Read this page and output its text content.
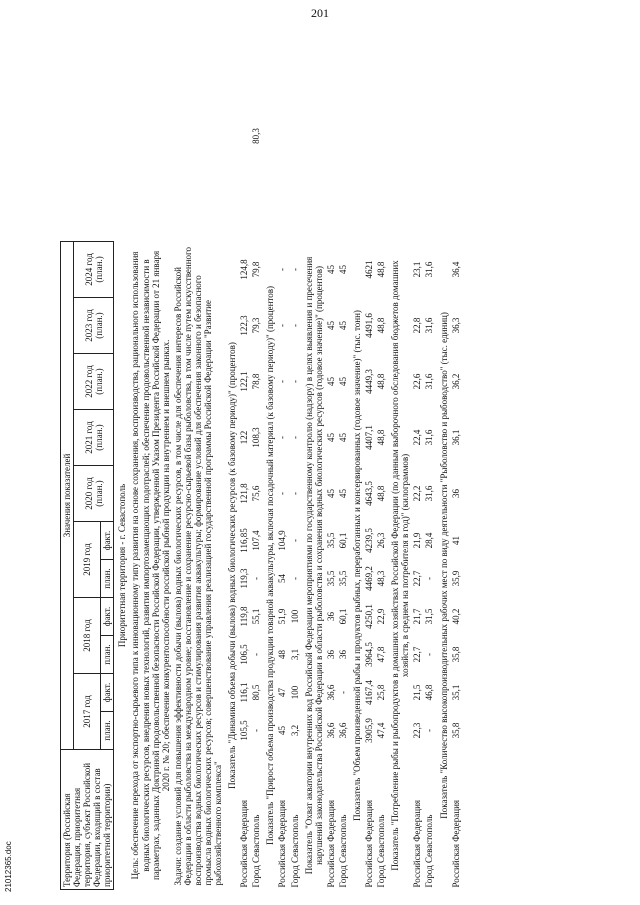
201
Территория (Российская Федерация, приоритетная территория, субъект Российской Федерации, входящий в состав приоритетной территории)	Значения показателей											
	2017 год		2018 год		2019 год		2020 год (план.)	2021 год (план.)	2022 год (план.)	2023 год (план.)	2024 год (план.)	
	план.	факт.	план.	факт.	план.	факт.						
Приоритетная территория - г. Севастополь												
Цель: обеспечение перехода от экспортно-сырьевого типа к инновационному типу развития на основе сохранения, воспроизводства, рационального использования водных биологических ресурсов, внедрения новых технологий, развития импортозамещающих подотраслей; обеспечение продовольственной независимости в параметрах, заданных Доктриной продовольственной безопасности Российской Федерации, утвержденной Указом Президента Российской Федерации от 21 января 2020 г. № 20; обеспечение конкурентоспособности российской рыбной продукции на внутреннем и внешнем рынках.												
Задачи: создание условий для повышения эффективности добычи (вылова) водных биологических ресурсов, в том числе для обеспечения интересов Российской Федерации в области рыболовства на международном уровне; восстановление и сохранение ресурсно-сырьевой базы рыболовства, в том числе путем искусственного воспроизводства водных биологических ресурсов и стимулирования развития аквакультуры; формирование условий для обеспечения законного и безопасного промысла водных биологических ресурсов; совершенствование управления реализацией государственной программы Российской Федерации "Развитие рыбохозяйственного комплекса"												
Показатель "Динамика объема добычи (вылова) водных биологических ресурсов (к базовому периоду)" (процентов)												
Российская Федерация	105,5	116,1	106,5	119,8	119,3	116,85	121,8	122	122,1	122,3	124,8	
Город Севастополь	-	80,5	-	55,1	-	107,4	75,6	108,3	78,8	79,3	79,8	80,3
Показатель "Прирост объема производства продукции товарной аквакультуры, включая посадочный материал (к базовому периоду)" (процентов)												
Российская Федерация	45	47	48	51,9	54	104,9	-	-	-	-	-	
Город Севастополь	3,2	100	3,1	100	-	-	-	-	-	-	-	
Показатель "Охват акватории внутренних вод Российской Федерации мероприятиями по государственному контролю (надзору) в целях выявления и пресечения нарушений законодательства Российской Федерации в области рыболовства и сохранения водных биологических ресурсов (годовое значение)" (процентов)												
Российская Федерация	36,6	36,6	36	36	35,5	35,5	45	45	45	45	45	
Город Севастополь	36,6	-	36	60,1	35,5	60,1	45	45	45	45	45	
Показатель "Объем произведенной рыбы и продуктов рыбных, переработанных и консервированных (годовое значение)" (тыс. тонн)												
Российская Федерация	3905,9	4167,4	3964,5	4250,1	4469,2	4239,5	4643,5	4407,1	4449,3	4491,6	4621	
Город Севастополь	47,4	25,8	47,8	22,9	48,3	26,3	48,8	48,8	48,8	48,8	48,8	
Показатель "Потребление рыбы и рыбопродуктов в домашних хозяйствах Российской Федерации (по данным выборочного обследования бюджетов домашних хозяйств, в среднем на потребителя в год)" (килограммов)												
Российская Федерация	22,3	21,5	22,7	21,7	22,7	21,9	22,2	22,4	22,6	22,8	23,1	
Город Севастополь	-	46,8	-	31,5	-	28,4	31,6	31,6	31,6	31,6	31,6	
Показатель "Количество высокопроизводительных рабочих мест по виду деятельности "Рыболовство и рыбоводство" (тыс. единиц)												
Российская Федерация	35,8	35,1	35,8	40,2	35,9	41	36	36,1	36,2	36,3	36,4	
21012365.doc
